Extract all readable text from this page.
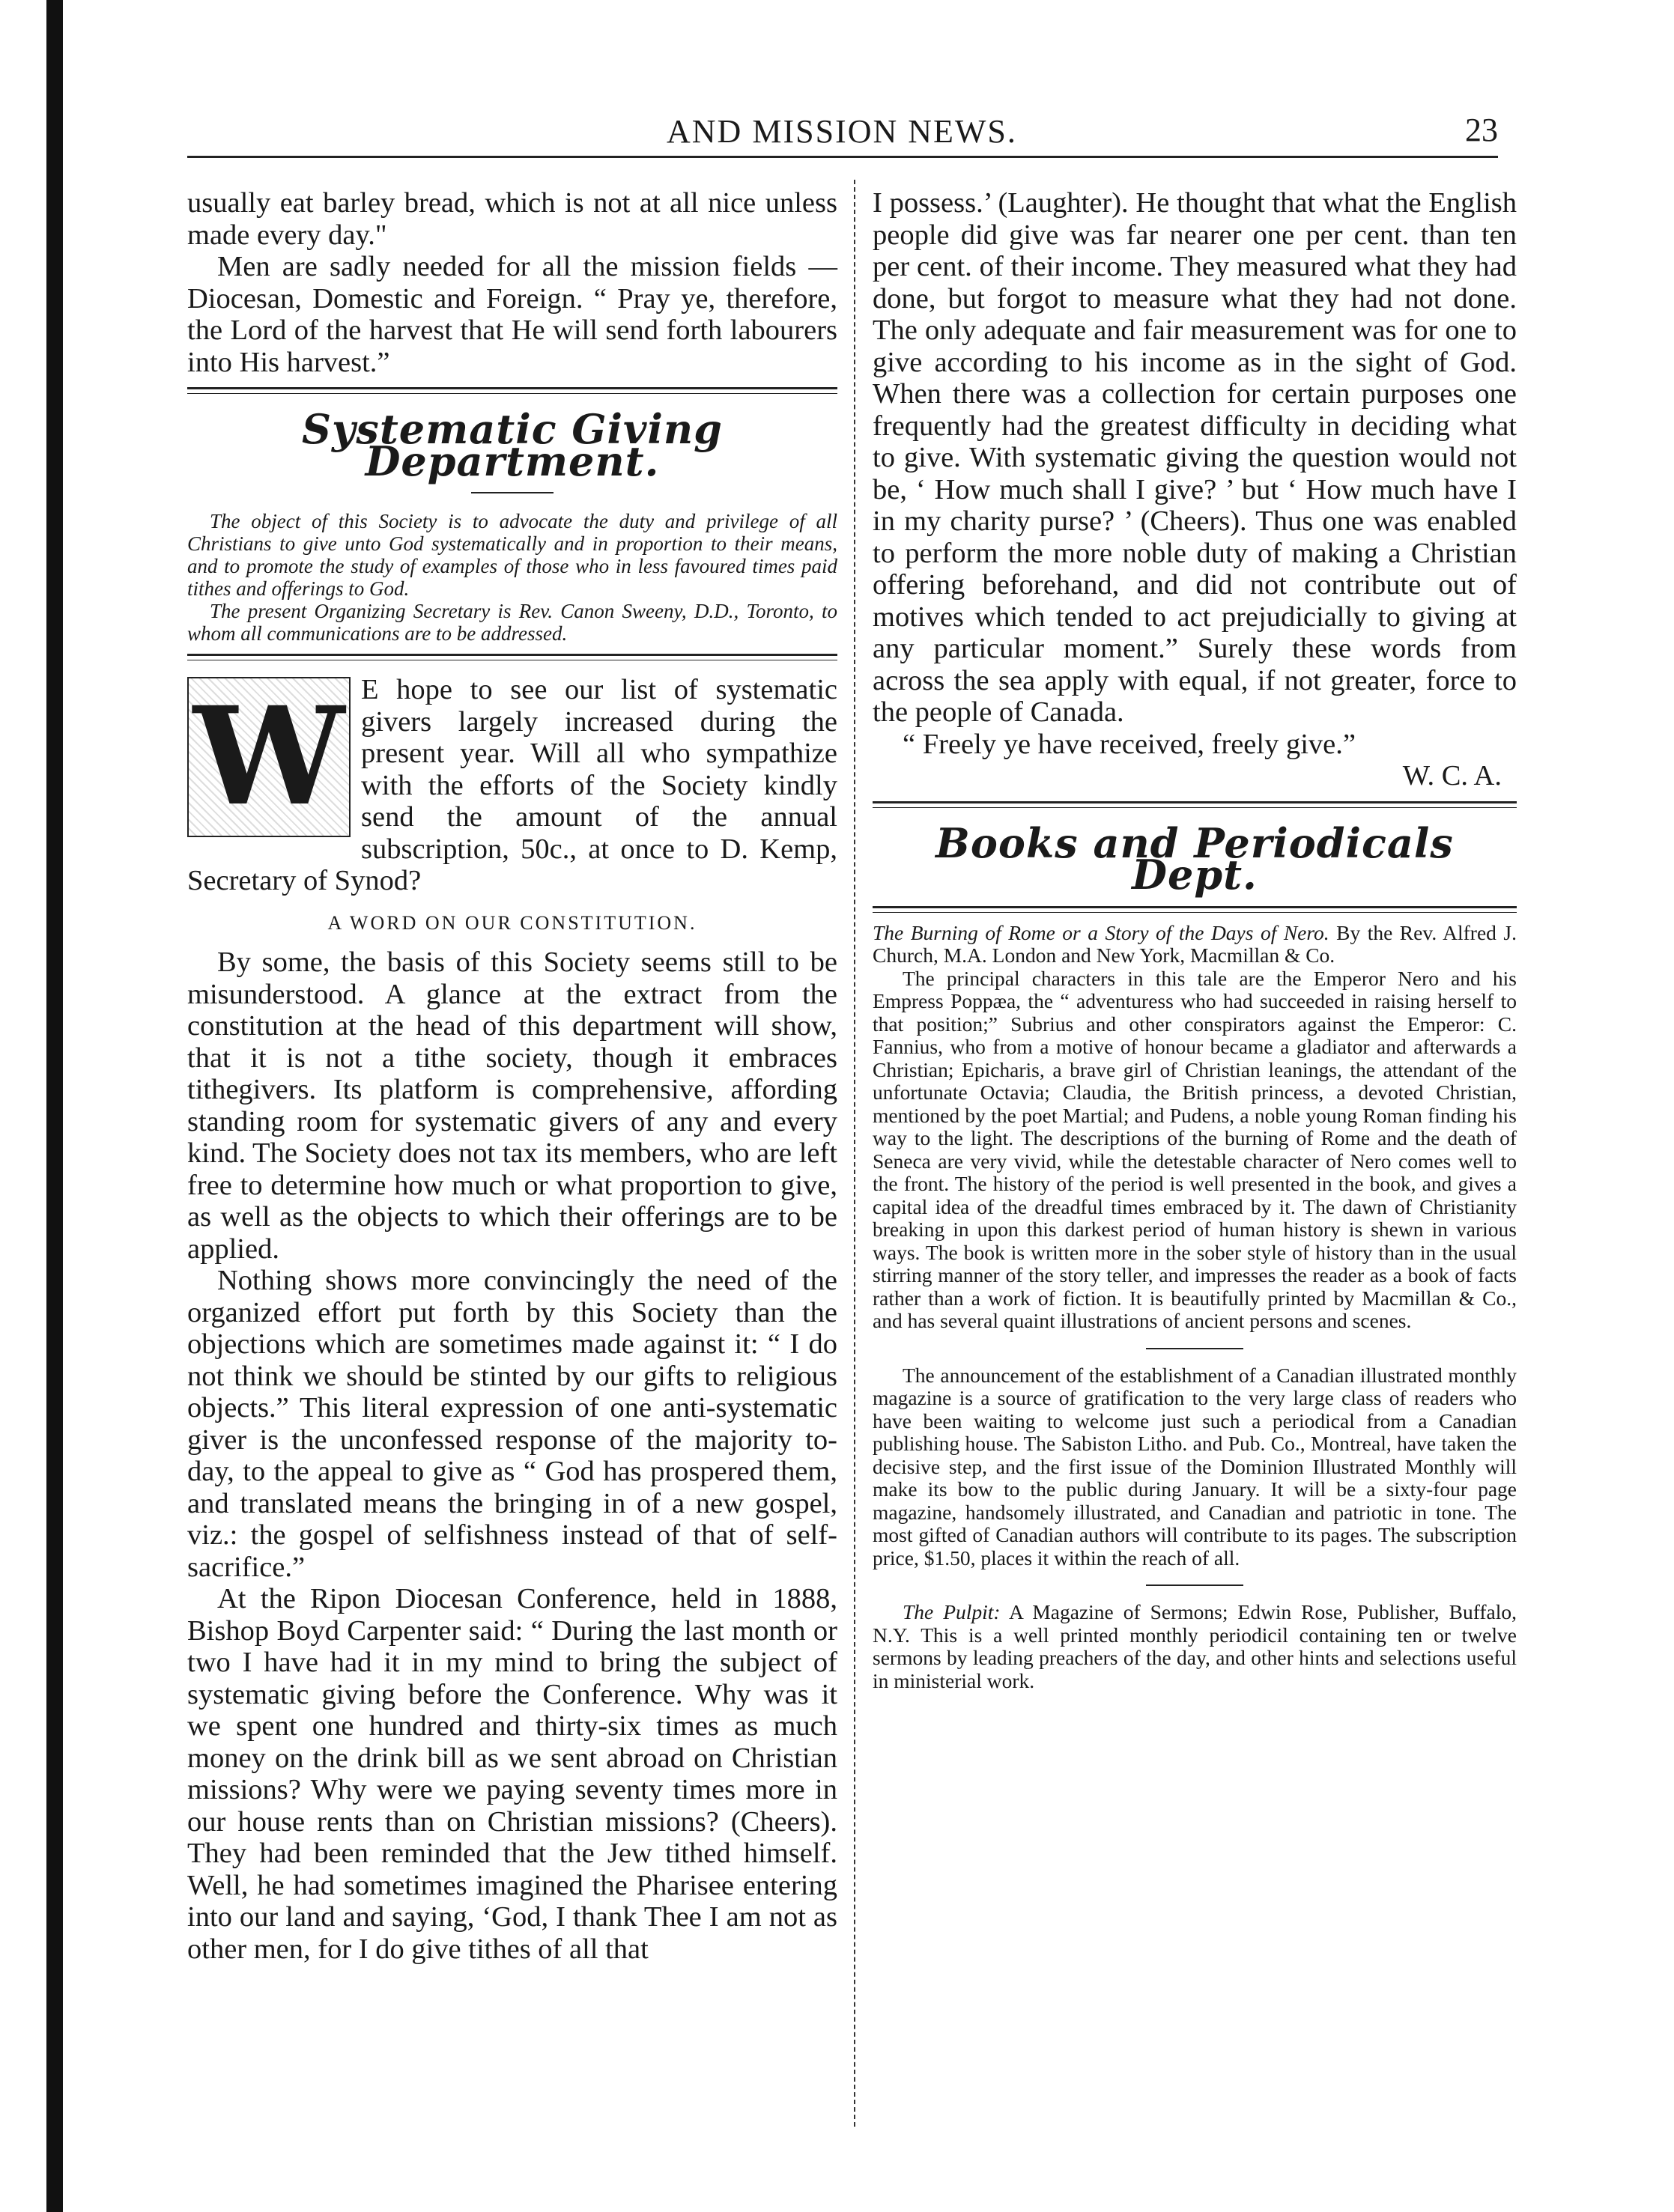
AND MISSION NEWS.	23

usually eat barley bread, which is not at all nice unless made every day."

Men are sadly needed for all the mission fields —Diocesan, Domestic and Foreign. “ Pray ye, therefore, the Lord of the harvest that He will send forth labourers into His harvest.”

Systematic Giving Department.

The object of this Society is to advocate the duty and privilege of all Christians to give unto God systematically and in proportion to their means, and to promote the study of examples of those who in less favoured times paid tithes and offerings to God.

The present Organizing Secretary is Rev. Canon Sweeny, D.D., Toronto, to whom all communications are to be addressed.

W E hope to see our list of systematic givers largely increased during the present year. Will all who sympathize with the efforts of the Society kindly send the amount of the annual subscription, 50c., at once to D. Kemp, Secretary of Synod?

A WORD ON OUR CONSTITUTION.

By some, the basis of this Society seems still to be misunderstood. A glance at the extract from the constitution at the head of this department will show, that it is not a tithe society, though it embraces tithegivers. Its platform is comprehensive, affording standing room for systematic givers of any and every kind. The Society does not tax its members, who are left free to determine how much or what proportion to give, as well as the objects to which their offerings are to be applied.

Nothing shows more convincingly the need of the organized effort put forth by this Society than the objections which are sometimes made against it: “ I do not think we should be stinted by our gifts to religious objects.” This literal expression of one anti-systematic giver is the unconfessed response of the majority to-day, to the appeal to give as “ God has prospered them, and translated means the bringing in of a new gospel, viz.: the gospel of selfishness instead of that of self-sacrifice.”

At the Ripon Diocesan Conference, held in 1888, Bishop Boyd Carpenter said: “ During the last month or two I have had it in my mind to bring the subject of systematic giving before the Conference. Why was it we spent one hundred and thirty-six times as much money on the drink bill as we sent abroad on Christian missions? Why were we paying seventy times more in our house rents than on Christian missions? (Cheers). They had been reminded that the Jew tithed himself. Well, he had sometimes imagined the Pharisee entering into our land and saying, ‘God, I thank Thee I am not as other men, for I do give tithes of all that

I possess.’ (Laughter). He thought that what the English people did give was far nearer one per cent. than ten per cent. of their income. They measured what they had done, but forgot to measure what they had not done. The only adequate and fair measurement was for one to give according to his income as in the sight of God. When there was a collection for certain purposes one frequently had the greatest difficulty in deciding what to give. With systematic giving the question would not be, ‘ How much shall I give? ’ but ‘ How much have I in my charity purse? ’ (Cheers). Thus one was enabled to perform the more noble duty of making a Christian offering beforehand, and did not contribute out of motives which tended to act prejudicially to giving at any particular moment.” Surely these words from across the sea apply with equal, if not greater, force to the people of Canada.

“ Freely ye have received, freely give.”

W. C. A.

Books and Periodicals Dept.

The Burning of Rome or a Story of the Days of Nero. By the Rev. Alfred J. Church, M.A. London and New York, Macmillan & Co.

The principal characters in this tale are the Emperor Nero and his Empress Poppæa, the “ adventuress who had succeeded in raising herself to that position;” Subrius and other conspirators against the Emperor: C. Fannius, who from a motive of honour became a gladiator and afterwards a Christian; Epicharis, a brave girl of Christian leanings, the attendant of the unfortunate Octavia; Claudia, the British princess, a devoted Christian, mentioned by the poet Martial; and Pudens, a noble young Roman finding his way to the light. The descriptions of the burning of Rome and the death of Seneca are very vivid, while the detestable character of Nero comes well to the front. The history of the period is well presented in the book, and gives a capital idea of the dreadful times embraced by it. The dawn of Christianity breaking in upon this darkest period of human history is shewn in various ways. The book is written more in the sober style of history than in the usual stirring manner of the story teller, and impresses the reader as a book of facts rather than a work of fiction. It is beautifully printed by Macmillan & Co., and has several quaint illustrations of ancient persons and scenes.

The announcement of the establishment of a Canadian illustrated monthly magazine is a source of gratification to the very large class of readers who have been waiting to welcome just such a periodical from a Canadian publishing house. The Sabiston Litho. and Pub. Co., Montreal, have taken the decisive step, and the first issue of the Dominion Illustrated Monthly will make its bow to the public during January. It will be a sixty-four page magazine, handsomely illustrated, and Canadian and patriotic in tone. The most gifted of Canadian authors will contribute to its pages. The subscription price, $1.50, places it within the reach of all.

The Pulpit: A Magazine of Sermons; Edwin Rose, Publisher, Buffalo, N.Y. This is a well printed monthly periodicil containing ten or twelve sermons by leading preachers of the day, and other hints and selections useful in ministerial work.
